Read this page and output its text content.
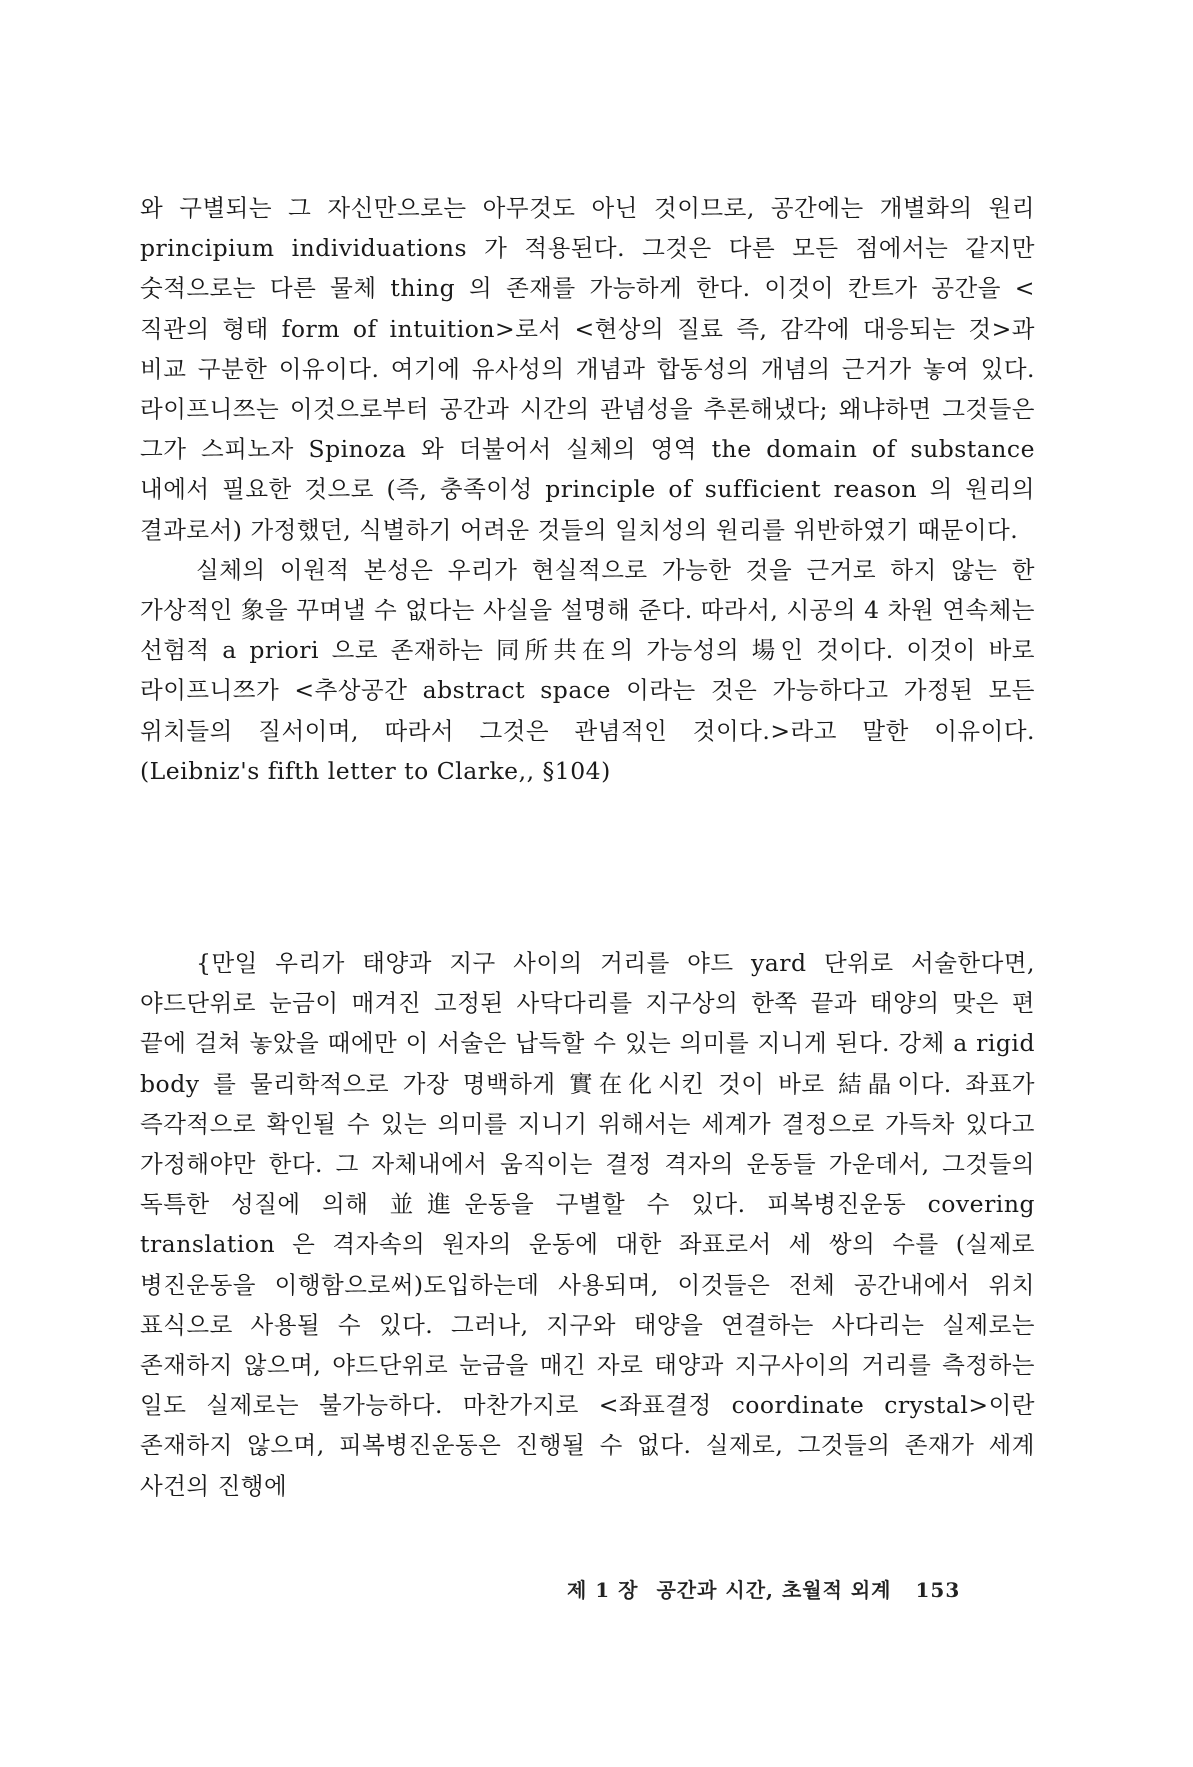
와 구별되는 그 자신만으로는 아무것도 아닌 것이므로, 공간에는 개별화의 원리 principium individuations 가 적용된다. 그것은 다른 모든 점에서는 같지만 숫적으로는 다른 물체 thing 의 존재를 가능하게 한다. 이것이 칸트가 공간을 <직관의 형태 form of intuition>로서 <현상의 질료 즉, 감각에 대응되는 것>과 비교 구분한 이유이다. 여기에 유사성의 개념과 합동성의 개념의 근거가 놓여 있다. 라이프니쯔는 이것으로부터 공간과 시간의 관념성을 추론해냈다; 왜냐하면 그것들은 그가 스피노자 Spinoza 와 더불어서 실체의 영역 the domain of substance 내에서 필요한 것으로 (즉, 충족이성 principle of sufficient reason 의 원리의 결과로서) 가정했던, 식별하기 어려운 것들의 일치성의 원리를 위반하였기 때문이다.

실체의 이원적 본성은 우리가 현실적으로 가능한 것을 근거로 하지 않는 한 가상적인 象을 꾸며낼 수 없다는 사실을 설명해 준다. 따라서, 시공의 4 차원 연속체는 선험적 a priori 으로 존재하는 同所共在의 가능성의 場인 것이다. 이것이 바로 라이프니쯔가 <추상공간 abstract space 이라는 것은 가능하다고 가정된 모든 위치들의 질서이며, 따라서 그것은 관념적인 것이다.>라고 말한 이유이다. (Leibniz's fifth letter to Clarke,, §104)

{만일 우리가 태양과 지구 사이의 거리를 야드 yard 단위로 서술한다면, 야드단위로 눈금이 매겨진 고정된 사닥다리를 지구상의 한쪽 끝과 태양의 맞은 편 끝에 걸쳐 놓았을 때에만 이 서술은 납득할 수 있는 의미를 지니게 된다. 강체 a rigid body 를 물리학적으로 가장 명백하게 實在化시킨 것이 바로 結晶이다. 좌표가 즉각적으로 확인될 수 있는 의미를 지니기 위해서는 세계가 결정으로 가득차 있다고 가정해야만 한다. 그 자체내에서 움직이는 결정 격자의 운동들 가운데서, 그것들의 독특한 성질에 의해 並進운동을 구별할 수 있다. 피복병진운동 covering translation 은 격자속의 원자의 운동에 대한 좌표로서 세 쌍의 수를 (실제로 병진운동을 이행함으로써)도입하는데 사용되며, 이것들은 전체 공간내에서 위치 표식으로 사용될 수 있다. 그러나, 지구와 태양을 연결하는 사다리는 실제로는 존재하지 않으며, 야드단위로 눈금을 매긴 자로 태양과 지구사이의 거리를 측정하는 일도 실제로는 불가능하다. 마찬가지로 <좌표결정 coordinate crystal>이란 존재하지 않으며, 피복병진운동은 진행될 수 없다. 실제로, 그것들의 존재가 세계 사건의 진행에

제 1 장 공간과 시간, 초월적 외계 153
